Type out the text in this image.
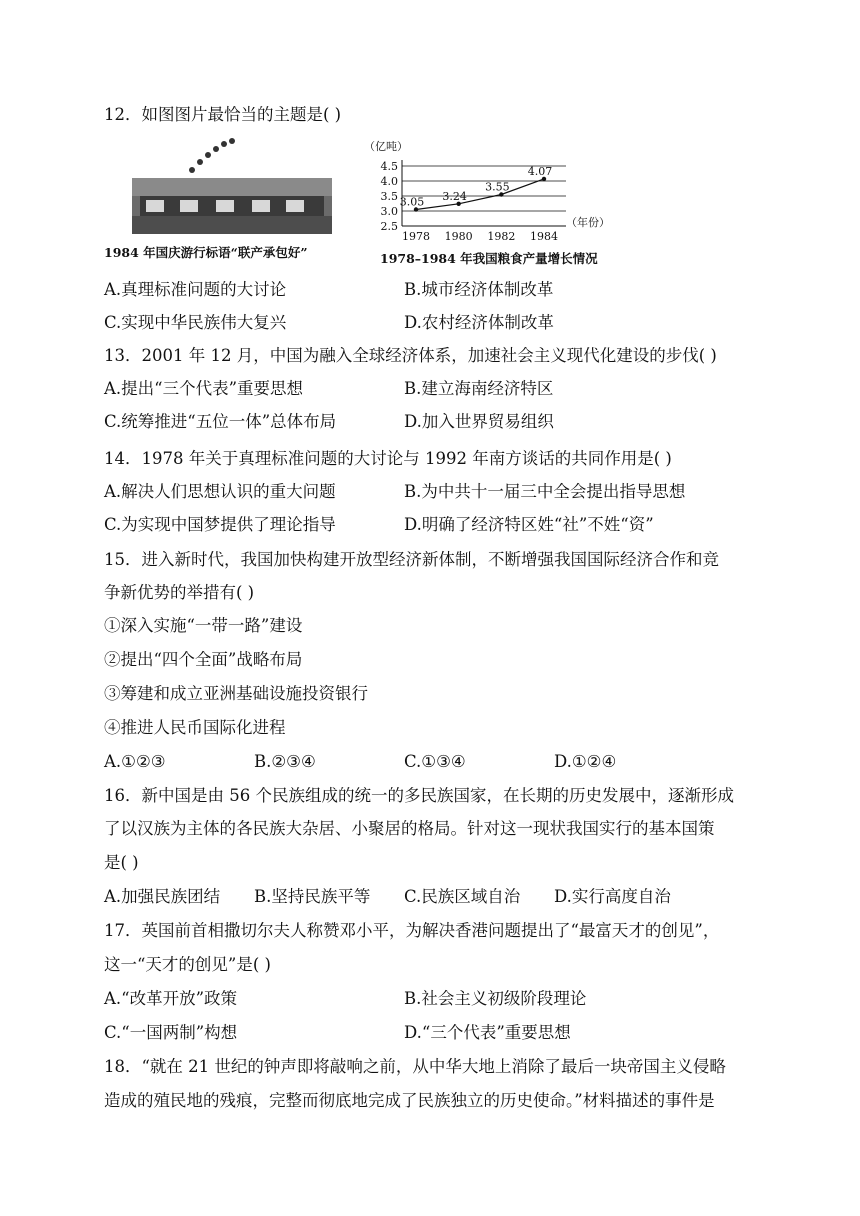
12．如图图片最恰当的主题是( )
1984 年国庆游行标语“联产承包好”
（亿吨）
4.5
4.0
3.5
3.0
2.5
1978 1980 1982 1984
3.05 3.24
3.55
4.07
（年份）
1978–1984 年我国粮食产量增长情况
A.真理标准问题的大讨论	B.城市经济体制改革
C.实现中华民族伟大复兴	D.农村经济体制改革
13．2001 年 12 月，中国为融入全球经济体系，加速社会主义现代化建设的步伐( )
A.提出“三个代表”重要思想	B.建立海南经济特区
C.统筹推进“五位一体”总体布局	D.加入世界贸易组织
14．1978 年关于真理标准问题的大讨论与 1992 年南方谈话的共同作用是( )
A.解决人们思想认识的重大问题	B.为中共十一届三中全会提出指导思想
C.为实现中国梦提供了理论指导	D.明确了经济特区姓“社”不姓“资”
15．进入新时代，我国加快构建开放型经济新体制，不断增强我国国际经济合作和竞
争新优势的举措有( )
①深入实施“一带一路”建设
②提出“四个全面”战略布局
③筹建和成立亚洲基础设施投资银行
④推进人民币国际化进程
A.①②③	B.②③④	C.①③④	D.①②④
16．新中国是由 56 个民族组成的统一的多民族国家，在长期的历史发展中，逐渐形成
了以汉族为主体的各民族大杂居、小聚居的格局。针对这一现状我国实行的基本国策
是( )
A.加强民族团结 B.坚持民族平等 C.民族区域自治 D.实行高度自治
17．英国前首相撒切尔夫人称赞邓小平，为解决香港问题提出了“最富天才的创见”，
这一“天才的创见”是( )
A.“改革开放”政策	B.社会主义初级阶段理论
C.“一国两制”构想	D.“三个代表”重要思想
18．“就在 21 世纪的钟声即将敲响之前，从中华大地上消除了最后一块帝国主义侵略
造成的殖民地的残痕，完整而彻底地完成了民族独立的历史使命。”材料描述的事件是
